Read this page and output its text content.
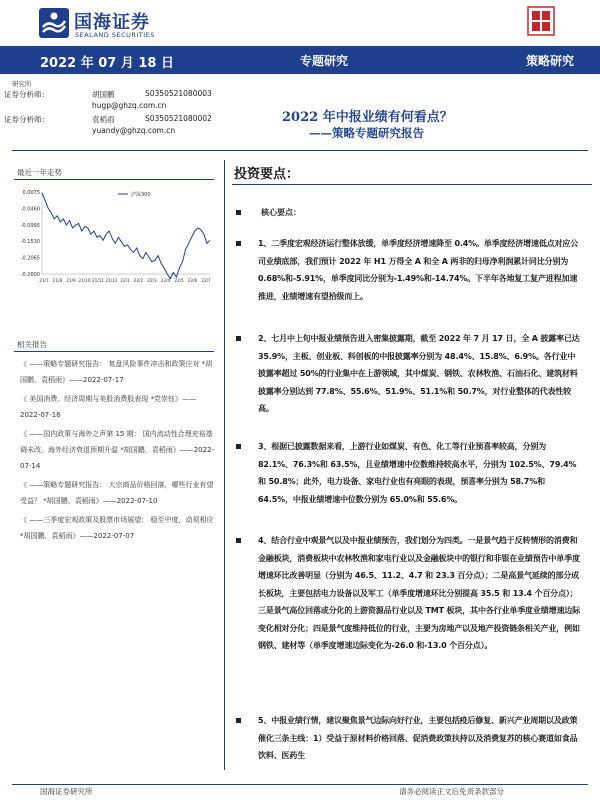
国海证券
SEALAND SECURITIES
2022 年 07 月 18 日	专题研究	策略研究
研究所
证券分析师：	胡国鹏	S0350521080003
hugp@ghzq.com.cn
证券分析师：	袁稻雨	S0350521080002
yuandy@ghzq.com.cn
2022 年中报业绩有何看点？
——策略专题研究报告
最近一年走势
0.0075
-0.0460
-0.0995
-0.1530
-0.2065
-0.2600
21/7 21/8 21/9 21/10 21/11 21/12 22/1 22/2 22/3 22/4 22/5 22/6 22/7
沪深300
相关报告
《 ——策略专题研究报告： 复盘风险事件冲击和政策应对 *胡国鹏，袁稻雨》——2022-07-17
《 美国消费、经济周期与美股消费股表现 *党崇钰》——2022-07-16
《 ——国内政策与海外之声第 15 期： 国内流动性合理充裕基调未改，海外经济衰退预期升温 *胡国鹏，袁稻雨》——2022-07-14
《 ——策略专题研究报告： 大宗商品价格回落，哪些行业有望受益？ *胡国鹏，袁稻雨》——2022-07-10
《 ——三季度宏观政策及股票市场展望： 稳至中度，动须相应 *胡国鹏，袁稻雨》——2022-07-07
投资要点：
核心要点：
1、二季度宏观经济运行整体放缓，单季度经济增速降至 0.4%。单季度经济增速低点对应公司业绩底部，我们预计 2022 年 H1 万得全 A 和全 A 两非的归母净利润累计同比分别为 0.68%和-5.91%，单季度同比分别为-1.49%和-14.74%。下半年各地复工复产进程加速推进，业绩增速有望拾级而上。
2、七月中上旬中报业绩预告进入密集披露期，截至 2022 年 7 月 17 日，全 A 披露率已达 35.9%，主板、创业板、科创板的中报披露率分别为 48.4%、15.8%、6.9%。各行业中披露率超过 50%的行业集中在上游领域，其中煤炭、钢铁、农林牧渔、石油石化、建筑材料披露率分别达到 77.8%、55.6%、51.9%、51.1%和 50.7%，对行业整体的代表性较高。
3、根据已披露数据来看，上游行业如煤炭、有色、化工等行业预喜率较高，分别为 82.1%、76.3%和 63.5%，且业绩增速中位数维持较高水平，分别为 102.5%、79.4%和 50.8%；此外，电力设备、家电行业也有亮眼的表现，预喜率分别为 58.7%和 64.5%，中报业绩增速中位数分别为 65.0%和 55.6%。
4、结合行业中观景气以及中报业绩预告，我们划分为四类。一是景气趋于反转情形的消费和金融板块，消费板块中农林牧渔和家电行业以及金融板块中的银行和非银在业绩预告中单季度增速环比改善明显（分别为 46.5、11.2、4.7 和 23.3 百分点）；二是高景气延续的部分成长板块，主要包括电力设备以及军工（单季度增速环比分别提高 35.5 和 13.4 个百分点）；三是景气高位回落或分化的上游资源品行业以及 TMT 板块，其中各行业单季度业绩增速边际变化相对分化；四是景气度维持低位的行业，主要为房地产以及地产投资链条相关产业，例如钢铁、建材等（单季度增速边际变化为-26.0 和-13.0 个百分点）。
5、中报业绩行情，建议聚焦景气边际向好行业，主要包括疫后修复、新兴产业周期以及政策催化三条主线：1）受益于原材料价格回落、促消费政策扶持以及消费复苏的核心赛道如食品饮料、医药生
国海证券研究所	请务必阅读正文后免责条款部分
